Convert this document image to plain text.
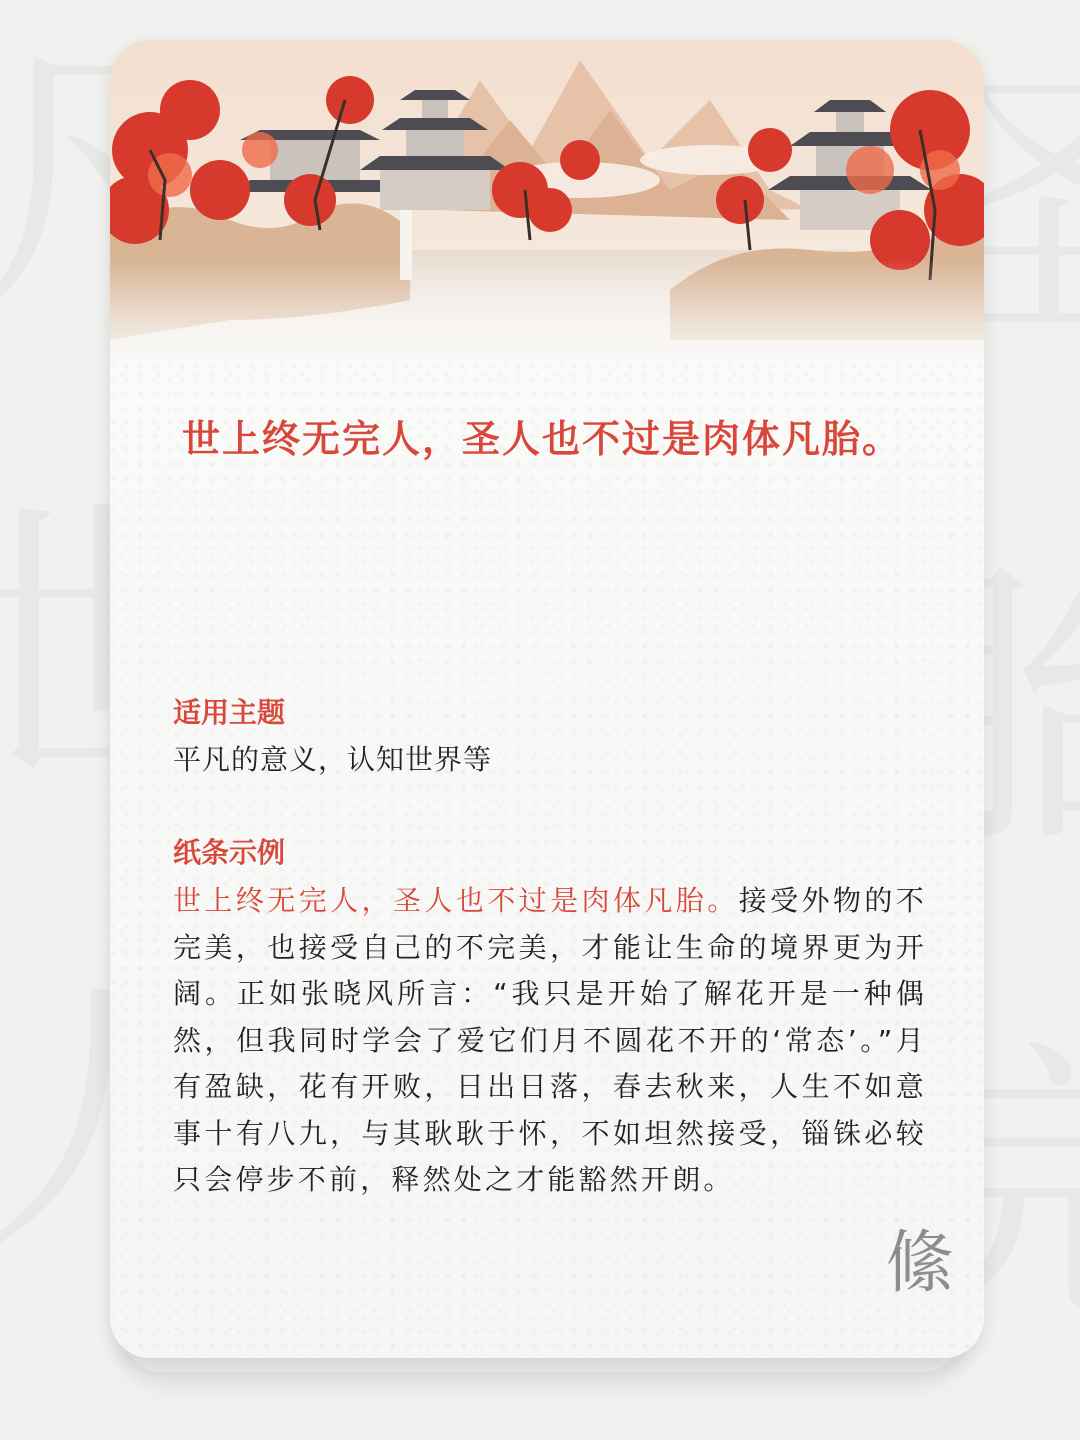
世上终无完人，圣人也不过是肉体凡胎。
适用主题
平凡的意义，认知世界等
纸条示例
世上终无完人，圣人也不过是肉体凡胎。接受外物的不完美，也接受自己的不完美，才能让生命的境界更为开阔。正如张晓风所言：“我只是开始了解花开是一种偶然，但我同时学会了爱它们月不圆花不开的‘常态’。”月有盈缺，花有开败，日出日落，春去秋来，人生不如意事十有八九，与其耿耿于怀，不如坦然接受，锱铢必较只会停步不前，释然处之才能豁然开朗。
絛
